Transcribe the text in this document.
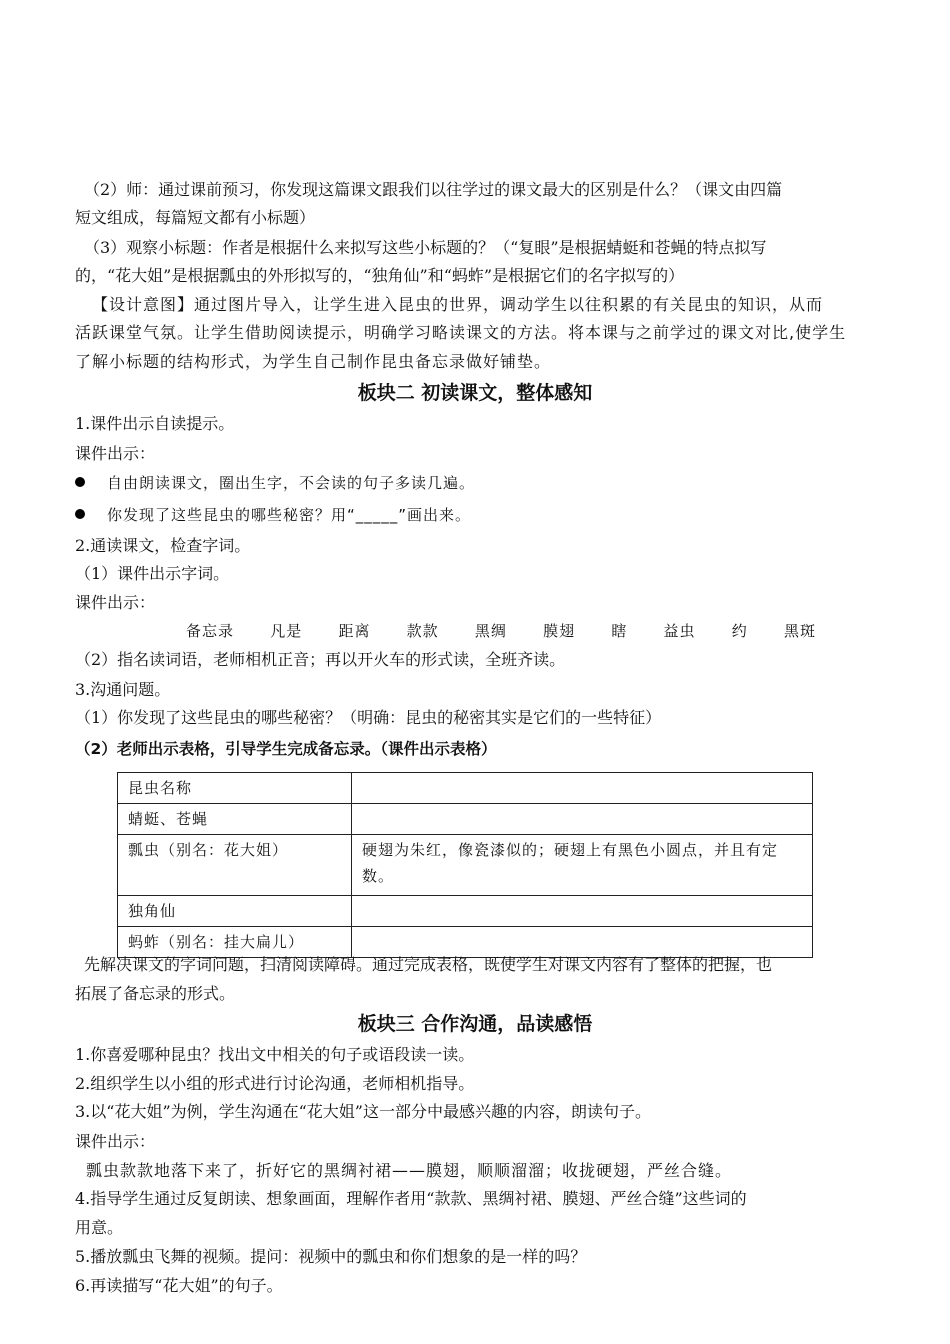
（2）师：通过课前预习，你发现这篇课文跟我们以往学过的课文最大的区别是什么？（课文由四篇

短文组成，每篇短文都有小标题）

（3）观察小标题：作者是根据什么来拟写这些小标题的？（“复眼”是根据蜻蜓和苍蝇的特点拟写

的，“花大姐”是根据瓢虫的外形拟写的，“独角仙”和“蚂蚱”是根据它们的名字拟写的）

【设计意图】通过图片导入，让学生进入昆虫的世界，调动学生以往积累的有关昆虫的知识，从而

活跃课堂气氛。让学生借助阅读提示，明确学习略读课文的方法。将本课与之前学过的课文对比,使学生

了解小标题的结构形式，为学生自己制作昆虫备忘录做好铺垫。

板块二 初读课文，整体感知

1.课件出示自读提示。

课件出示：

自由朗读课文，圈出生字，不会读的句子多读几遍。
你发现了这些昆虫的哪些秘密？用“_____”画出来。

2.通读课文，检查字词。

（1）课件出示字词。

课件出示：

备忘录 凡是 距离 款款 黑绸 膜翅 瞎 益虫 约 黑斑

（2）指名读词语，老师相机正音；再以开火车的形式读，全班齐读。

3.沟通问题。

（1）你发现了这些昆虫的哪些秘密？（明确：昆虫的秘密其实是它们的一些特征）

（2）老师出示表格，引导学生完成备忘录。（课件出示表格）

昆虫名称	
蜻蜓、苍蝇	
瓢虫（别名：花大姐）	硬翅为朱红，像瓷漆似的；硬翅上有黑色小圆点，并且有定数。
独角仙	
蚂蚱（别名：挂大扁儿）	

先解决课文的字词问题，扫清阅读障碍。通过完成表格，既使学生对课文内容有了整体的把握，也

拓展了备忘录的形式。

板块三 合作沟通，品读感悟

1.你喜爱哪种昆虫？找出文中相关的句子或语段读一读。

2.组织学生以小组的形式进行讨论沟通，老师相机指导。

3.以“花大姐”为例，学生沟通在“花大姐”这一部分中最感兴趣的内容，朗读句子。

课件出示：

瓢虫款款地落下来了，折好它的黑绸衬裙——膜翅，顺顺溜溜；收拢硬翅，严丝合缝。

4.指导学生通过反复朗读、想象画面，理解作者用“款款、黑绸衬裙、膜翅、严丝合缝”这些词的

用意。

5.播放瓢虫飞舞的视频。提问：视频中的瓢虫和你们想象的是一样的吗？

6.再读描写“花大姐”的句子。
